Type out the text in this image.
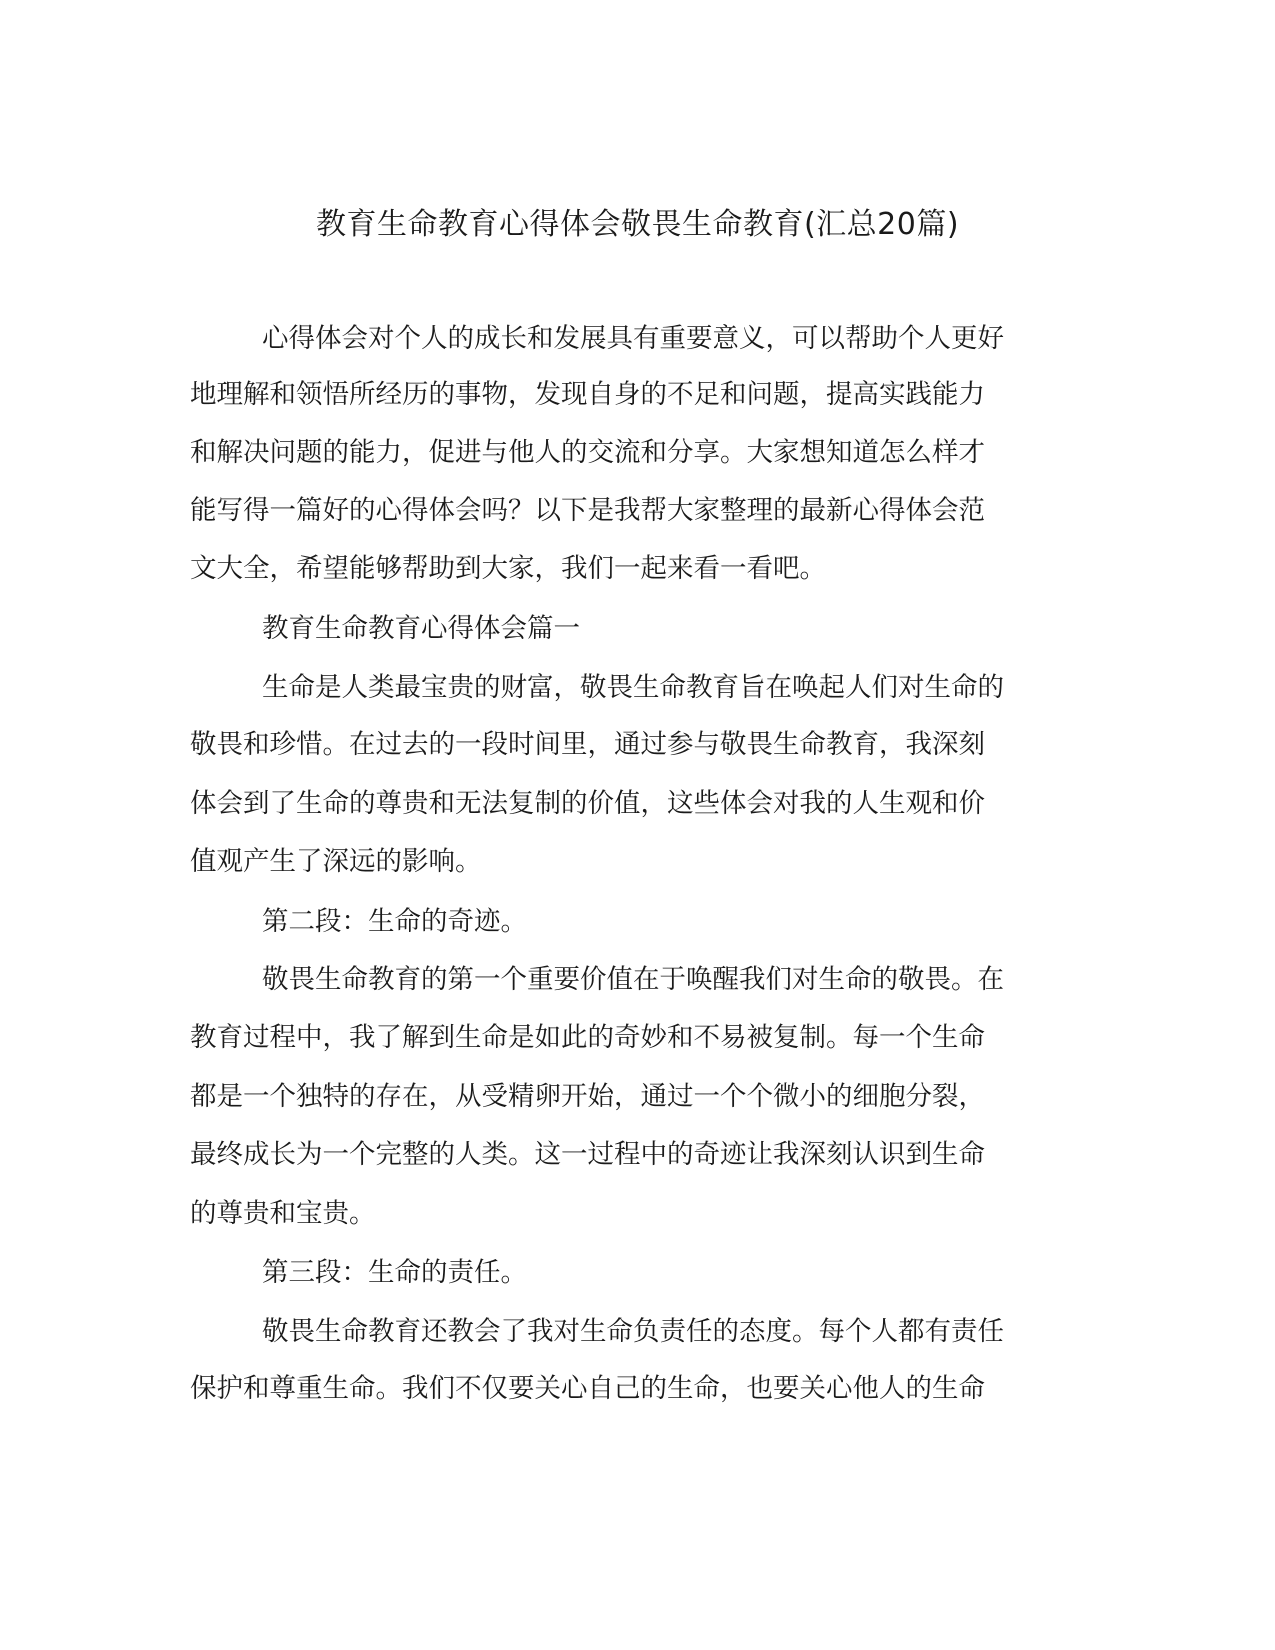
教育生命教育心得体会敬畏生命教育(汇总20篇)

心得体会对个人的成长和发展具有重要意义，可以帮助个人更好

地理解和领悟所经历的事物，发现自身的不足和问题，提高实践能力

和解决问题的能力，促进与他人的交流和分享。大家想知道怎么样才

能写得一篇好的心得体会吗？以下是我帮大家整理的最新心得体会范

文大全，希望能够帮助到大家，我们一起来看一看吧。

教育生命教育心得体会篇一

生命是人类最宝贵的财富，敬畏生命教育旨在唤起人们对生命的

敬畏和珍惜。在过去的一段时间里，通过参与敬畏生命教育，我深刻

体会到了生命的尊贵和无法复制的价值，这些体会对我的人生观和价

值观产生了深远的影响。

第二段：生命的奇迹。

敬畏生命教育的第一个重要价值在于唤醒我们对生命的敬畏。在

教育过程中，我了解到生命是如此的奇妙和不易被复制。每一个生命

都是一个独特的存在，从受精卵开始，通过一个个微小的细胞分裂，

最终成长为一个完整的人类。这一过程中的奇迹让我深刻认识到生命

的尊贵和宝贵。

第三段：生命的责任。

敬畏生命教育还教会了我对生命负责任的态度。每个人都有责任

保护和尊重生命。我们不仅要关心自己的生命，也要关心他人的生命
